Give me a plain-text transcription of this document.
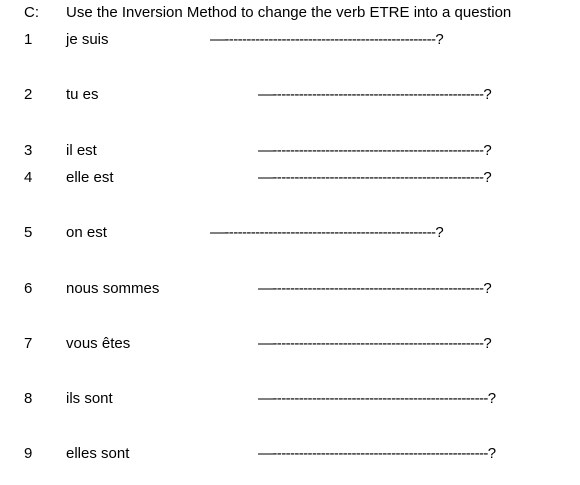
C: Use the Inversion Method to change the verb ETRE into a question
1 je suis	—------------------------------------------------?
2 tu es	—------------------------------------------------?
3 il est	—------------------------------------------------?
4 elle est	—------------------------------------------------?
5 on est	—------------------------------------------------?
6 nous sommes	—------------------------------------------------?
7 vous êtes	—------------------------------------------------?
8 ils sont	—-------------------------------------------------?
9 elles sont	—-------------------------------------------------?
